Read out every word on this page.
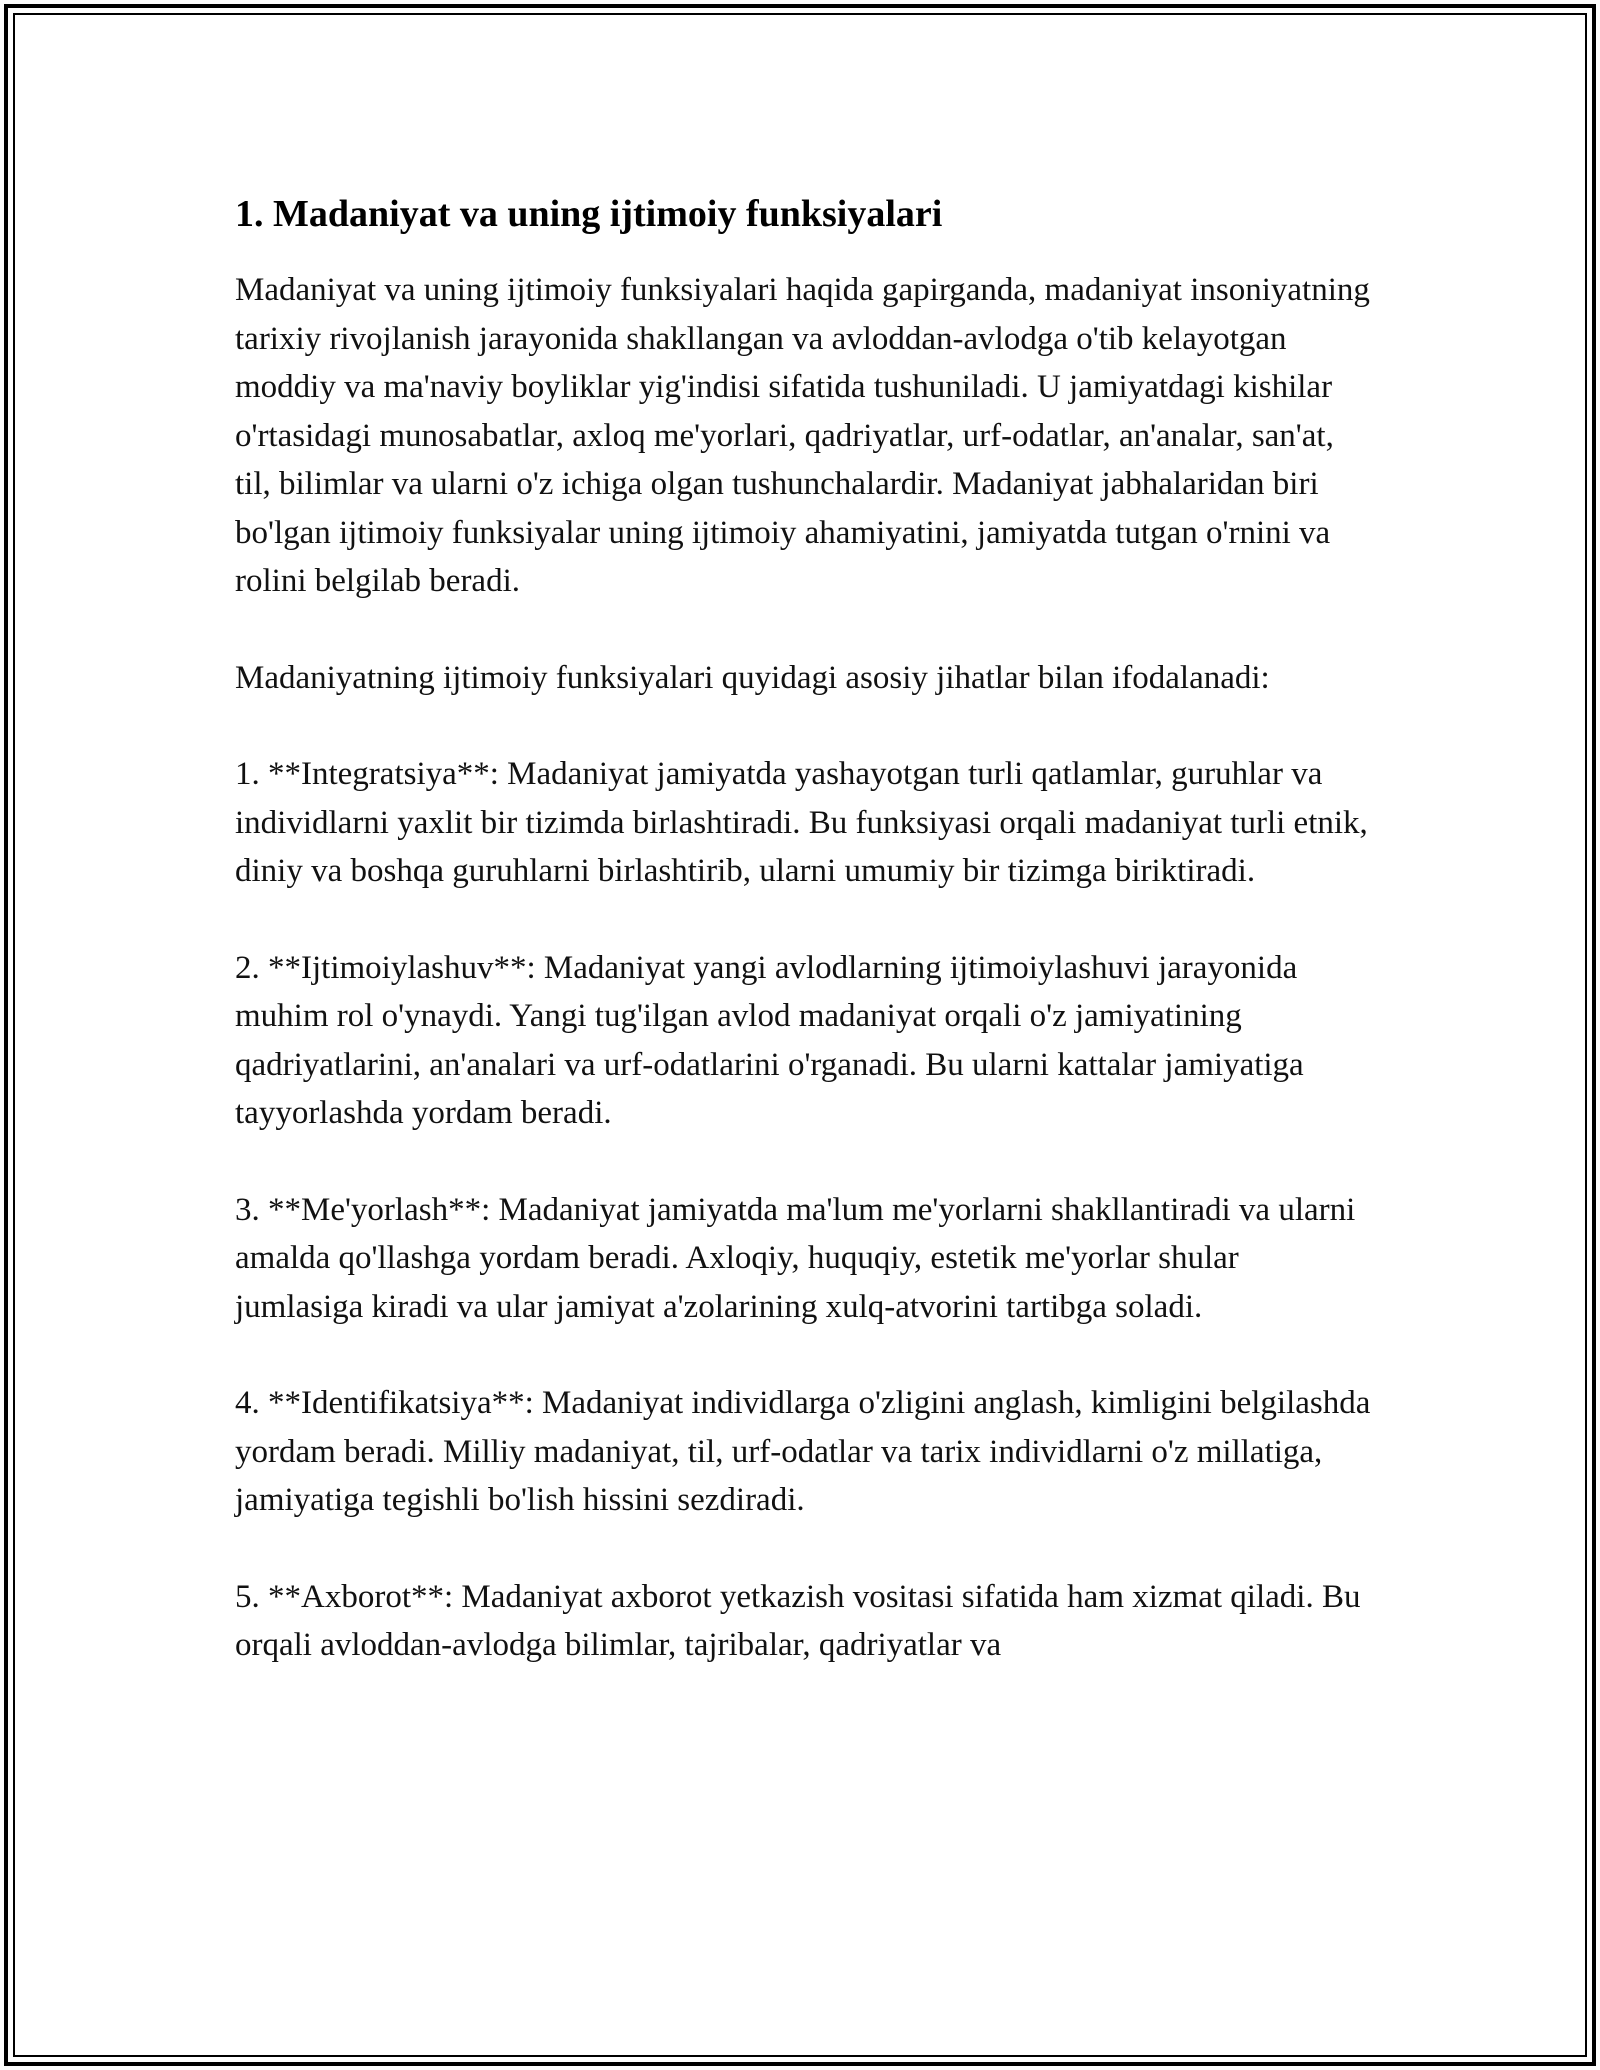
1. Madaniyat va uning ijtimoiy funksiyalari

Madaniyat va uning ijtimoiy funksiyalari haqida gapirganda, madaniyat insoniyatning tarixiy rivojlanish jarayonida shakllangan va avloddan-avlodga o'tib kelayotgan moddiy va ma'naviy boyliklar yig'indisi sifatida tushuniladi. U jamiyatdagi kishilar o'rtasidagi munosabatlar, axloq me'yorlari, qadriyatlar, urf-odatlar, an'analar, san'at, til, bilimlar va ularni o'z ichiga olgan tushunchalardir. Madaniyat jabhalaridan biri bo'lgan ijtimoiy funksiyalar uning ijtimoiy ahamiyatini, jamiyatda tutgan o'rnini va rolini belgilab beradi.

Madaniyatning ijtimoiy funksiyalari quyidagi asosiy jihatlar bilan ifodalanadi:

1. **Integratsiya**: Madaniyat jamiyatda yashayotgan turli qatlamlar, guruhlar va individlarni yaxlit bir tizimda birlashtiradi. Bu funksiyasi orqali madaniyat turli etnik, diniy va boshqa guruhlarni birlashtirib, ularni umumiy bir tizimga biriktiradi.

2. **Ijtimoiylashuv**: Madaniyat yangi avlodlarning ijtimoiylashuvi jarayonida muhim rol o'ynaydi. Yangi tug'ilgan avlod madaniyat orqali o'z jamiyatining qadriyatlarini, an'analari va urf-odatlarini o'rganadi. Bu ularni kattalar jamiyatiga tayyorlashda yordam beradi.

3. **Me'yorlash**: Madaniyat jamiyatda ma'lum me'yorlarni shakllantiradi va ularni amalda qo'llashga yordam beradi. Axloqiy, huquqiy, estetik me'yorlar shular jumlasiga kiradi va ular jamiyat a'zolarining xulq-atvorini tartibga soladi.

4. **Identifikatsiya**: Madaniyat individlarga o'zligini anglash, kimligini belgilashda yordam beradi. Milliy madaniyat, til, urf-odatlar va tarix individlarni o'z millatiga, jamiyatiga tegishli bo'lish hissini sezdiradi.

5. **Axborot**: Madaniyat axborot yetkazish vositasi sifatida ham xizmat qiladi. Bu orqali avloddan-avlodga bilimlar, tajribalar, qadriyatlar va
